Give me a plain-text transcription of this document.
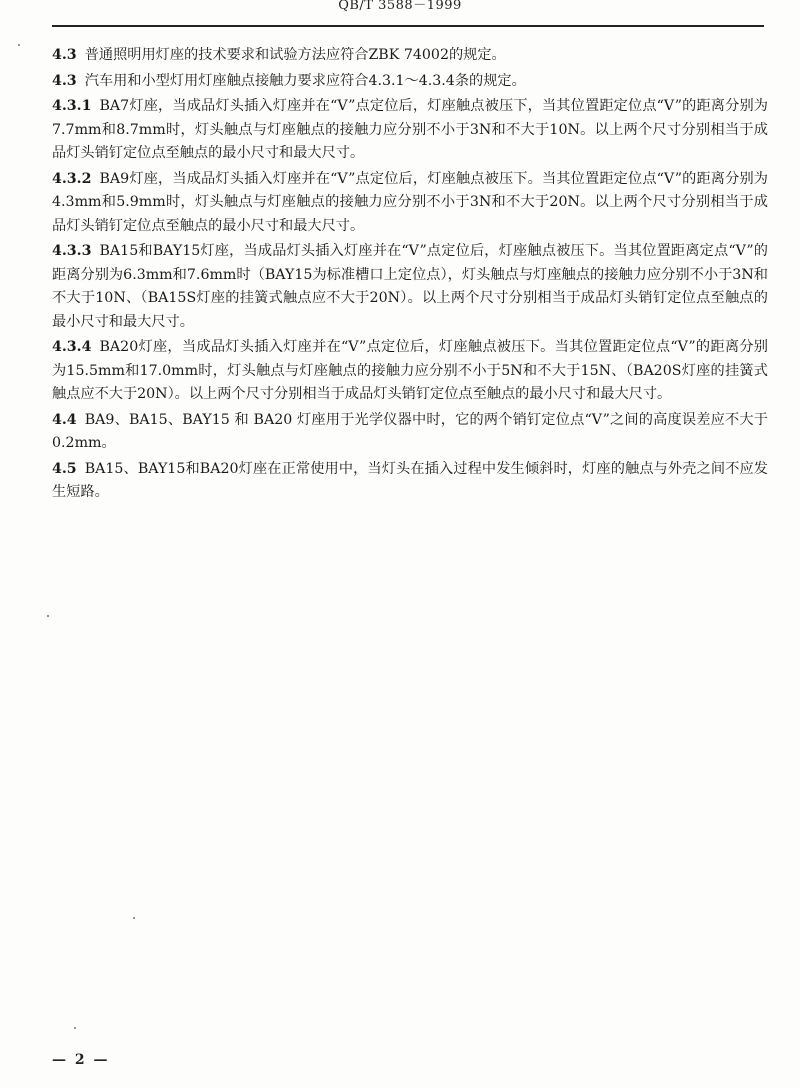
QB/T 3588－1999

4.3 普通照明用灯座的技术要求和试验方法应符合ZBK 74002的规定。

4.3 汽车用和小型灯用灯座触点接触力要求应符合4.3.1～4.3.4条的规定。

4.3.1 BA7灯座，当成品灯头插入灯座并在“V”点定位后，灯座触点被压下，当其位置距定位点“V”的距离分别为7.7mm和8.7mm时，灯头触点与灯座触点的接触力应分别不小于3N和不大于10N。以上两个尺寸分别相当于成品灯头销钉定位点至触点的最小尺寸和最大尺寸。

4.3.2 BA9灯座，当成品灯头插入灯座并在“V”点定位后，灯座触点被压下。当其位置距定位点“V”的距离分别为4.3mm和5.9mm时，灯头触点与灯座触点的接触力应分别不小于3N和不大于20N。以上两个尺寸分别相当于成品灯头销钉定位点至触点的最小尺寸和最大尺寸。

4.3.3 BA15和BAY15灯座，当成品灯头插入灯座并在“V”点定位后，灯座触点被压下。当其位置距离定点“V”的距离分别为6.3mm和7.6mm时（BAY15为标准槽口上定位点），灯头触点与灯座触点的接触力应分别不小于3N和不大于10N、（BA15S灯座的挂簧式触点应不大于20N）。以上两个尺寸分别相当于成品灯头销钉定位点至触点的最小尺寸和最大尺寸。

4.3.4 BA20灯座，当成品灯头插入灯座并在“V”点定位后，灯座触点被压下。当其位置距定位点“V”的距离分别为15.5mm和17.0mm时，灯头触点与灯座触点的接触力应分别不小于5N和不大于15N、（BA20S灯座的挂簧式触点应不大于20N）。以上两个尺寸分别相当于成品灯头销钉定位点至触点的最小尺寸和最大尺寸。

4.4 BA9、BA15、BAY15 和 BA20 灯座用于光学仪器中时，它的两个销钉定位点“V”之间的高度误差应不大于0.2mm。

4.5 BA15、BAY15和BA20灯座在正常使用中，当灯头在插入过程中发生倾斜时，灯座的触点与外壳之间不应发生短路。

— 2 —
